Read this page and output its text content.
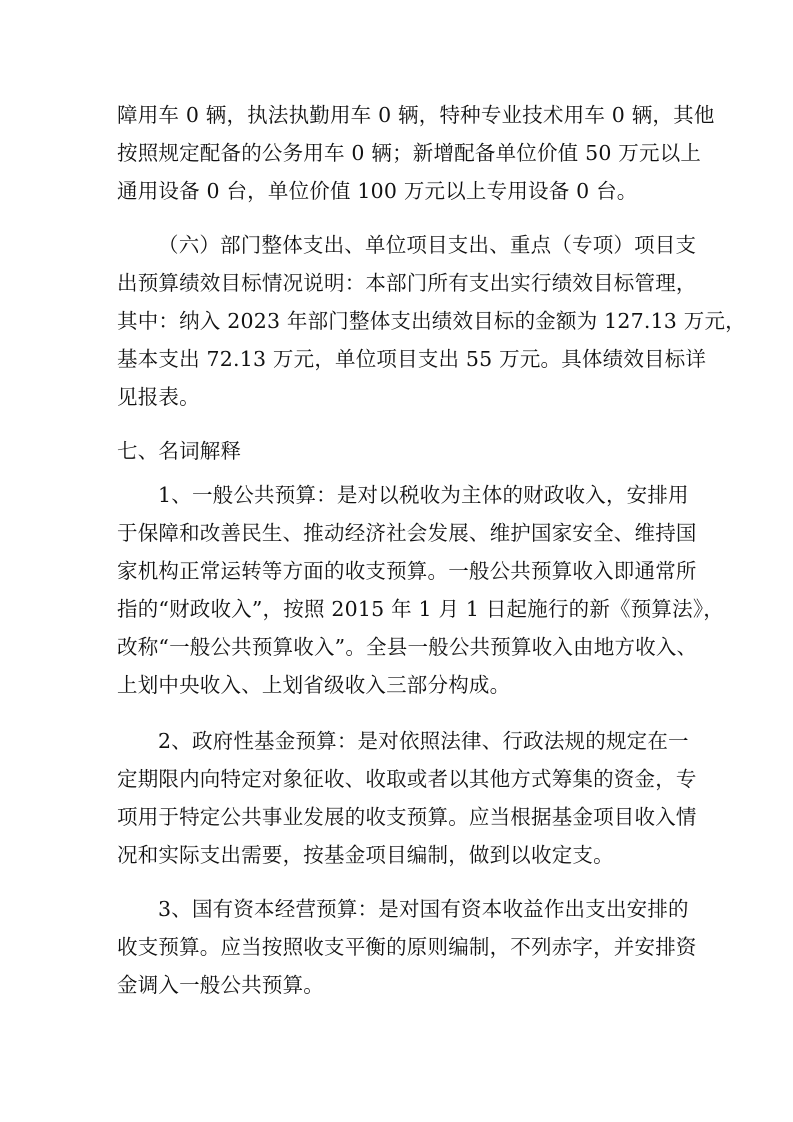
障用车 0 辆，执法执勤用车 0 辆，特种专业技术用车 0 辆，其他
按照规定配备的公务用车 0 辆；新增配备单位价值 50 万元以上
通用设备 0 台，单位价值 100 万元以上专用设备 0 台。
（六）部门整体支出、单位项目支出、重点（专项）项目支
出预算绩效目标情况说明：本部门所有支出实行绩效目标管理，
其中：纳入 2023 年部门整体支出绩效目标的金额为 127.13 万元，
基本支出 72.13 万元，单位项目支出 55 万元。具体绩效目标详
见报表。
七、名词解释
1、一般公共预算：是对以税收为主体的财政收入，安排用
于保障和改善民生、推动经济社会发展、维护国家安全、维持国
家机构正常运转等方面的收支预算。一般公共预算收入即通常所
指的“财政收入”，按照 2015 年 1 月 1 日起施行的新《预算法》，
改称“一般公共预算收入”。全县一般公共预算收入由地方收入、
上划中央收入、上划省级收入三部分构成。
2、政府性基金预算：是对依照法律、行政法规的规定在一
定期限内向特定对象征收、收取或者以其他方式筹集的资金，专
项用于特定公共事业发展的收支预算。应当根据基金项目收入情
况和实际支出需要，按基金项目编制，做到以收定支。
3、国有资本经营预算：是对国有资本收益作出支出安排的
收支预算。应当按照收支平衡的原则编制，不列赤字，并安排资
金调入一般公共预算。
